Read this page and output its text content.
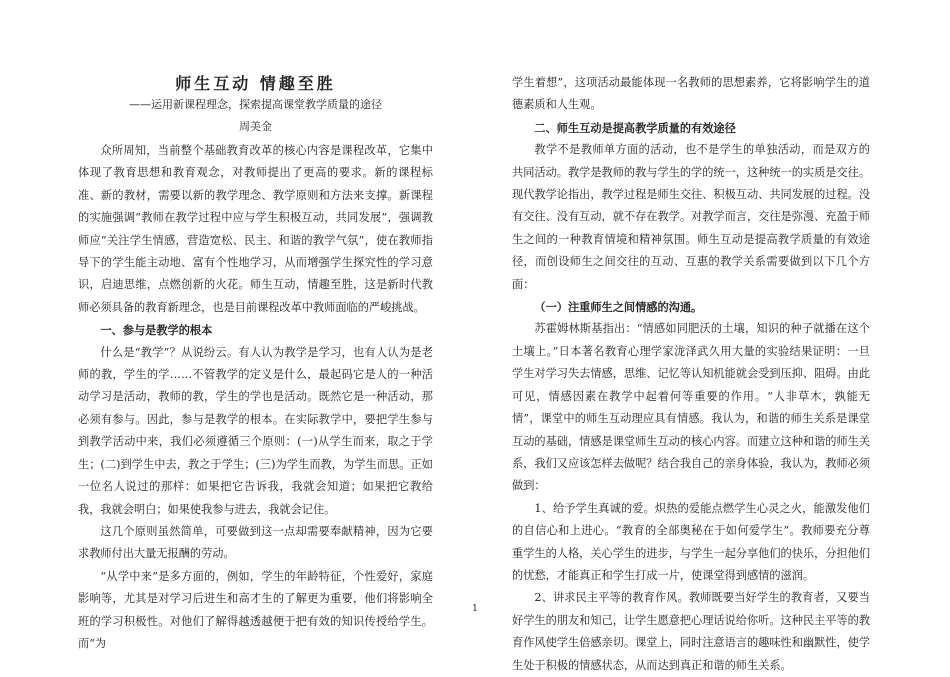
师生互动 情趣至胜
——运用新课程理念，探索提高课堂教学质量的途径
周美金

众所周知，当前整个基础教育改革的核心内容是课程改革，它集中体现了教育思想和教育观念，对教师提出了更高的要求。新的课程标准、新的教材，需要以新的教学理念、教学原则和方法来支撑。新课程的实施强调“教师在教学过程中应与学生积极互动，共同发展”，强调教师应“关注学生情感，营造宽松、民主、和谐的教学气氛”，使在教师指导下的学生能主动地、富有个性地学习，从而增强学生探究性的学习意识，启迪思维，点燃创新的火花。师生互动，情趣至胜，这是新时代教师必须具备的教育新理念，也是目前课程改革中教师面临的严峻挑战。

一、参与是教学的根本

什么是“教学”？从说纷云。有人认为教学是学习，也有人认为是老师的教，学生的学……不管教学的定义是什么，最起码它是人的一种活动学习是活动，教师的教，学生的学也是活动。既然它是一种活动，那必须有参与。因此，参与是教学的根本。在实际教学中，要把学生参与到教学活动中来，我们必须遵循三个原则：(一)从学生而来，取之于学生；(二)到学生中去，教之于学生；(三)为学生而教，为学生而思。正如一位名人说过的那样：如果把它告诉我，我就会知道；如果把它教给我，我就会明白；如果使我参与进去，我就会记住。

这几个原则虽然简单，可要做到这一点却需要奉献精神，因为它要求教师付出大量无报酬的劳动。

“从学中来”是多方面的，例如，学生的年龄特征，个性爱好，家庭影响等，尤其是对学习后进生和高才生的了解更为重要，他们将影响全班的学习积极性。对他们了解得越透越便于把有效的知识传授给学生。而“为

学生着想”，这项活动最能体现一名教师的思想素养，它将影响学生的道德素质和人生观。

二、师生互动是提高教学质量的有效途径

教学不是教师单方面的活动，也不是学生的单独活动，而是双方的共同活动。教学是教师的教与学生的学的统一，这种统一的实质是交往。现代教学论指出，教学过程是师生交往、积极互动、共同发展的过程。没有交往、没有互动，就不存在教学。对教学而言，交往是弥漫、充盈于师生之间的一种教育情境和精神氛围。师生互动是提高教学质量的有效途径，而创设师生之间交往的互动、互惠的教学关系需要做到以下几个方面：

（一）注重师生之间情感的沟通。

苏霍姆林斯基指出：“情感如同肥沃的土壤，知识的种子就播在这个土壤上。”日本著名教育心理学家泷泽武久用大量的实验结果证明：一旦学生对学习失去情感，思维、记忆等认知机能就会受到压抑、阻碍。由此可见，情感因素在教学中起着何等重要的作用。“人非草木，孰能无情”，课堂中的师生互动理应具有情感。我认为，和谐的师生关系是课堂互动的基础，情感是课堂师生互动的核心内容。而建立这种和谐的师生关系，我们又应该怎样去做呢？结合我自己的亲身体验，我认为，教师必须做到：

1、给予学生真诚的爱。炽热的爱能点燃学生心灵之火，能激发他们的自信心和上进心。“教育的全部奥秘在于如何爱学生”。教师要充分尊重学生的人格，关心学生的进步，与学生一起分享他们的快乐，分担他们的忧愁，才能真正和学生打成一片，使课堂得到感情的滋润。

2、讲求民主平等的教育作风。教师既要当好学生的教育者，又要当好学生的朋友和知己，让学生愿意把心理话说给你听。这种民主平等的教育作风使学生倍感亲切。课堂上，同时注意语言的趣味性和幽默性，使学生处于积极的情感状态，从而达到真正和谐的师生关系。

1
